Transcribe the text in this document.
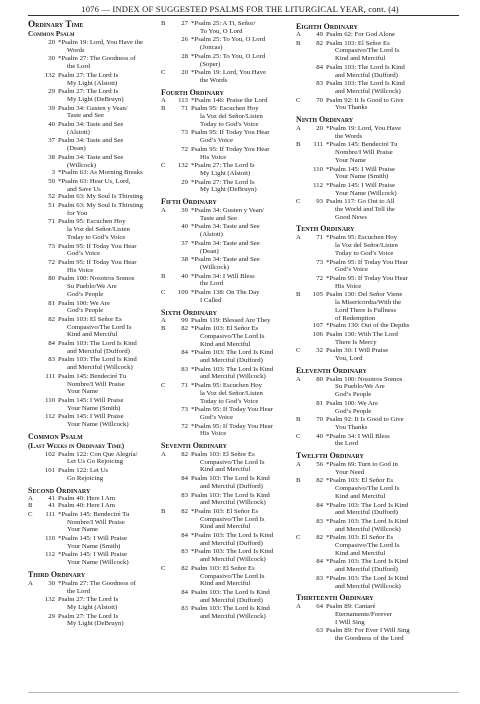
1076 — INDEX OF SUGGESTED PSALMS FOR THE LITURGICAL YEAR, cont. (4)
Ordinary Time
Common Psalm
20 *Psalm 19: Lord, You Have the
Words
30 *Psalm 27: The Goodness of
the Lord
132 Psalm 27: The Lord Is
My Light (Alstott)
29 Psalm 27: The Lord Is
My Light (DeBruyn)
39 Psalm 34: Gusten y Vean/
Taste and See
40 Psalm 34: Taste and See
(Alstott)
37 Psalm 34: Taste and See
(Dean)
38 Psalm 34: Taste and See
(Willcock)
3 *Psalm 63: As Morning Breaks
50 *Psalm 63: Hear Us, Lord,
and Save Us
52 Psalm 63: My Soul Is Thirsting
51 Psalm 63: My Soul Is Thirsting
for You
71 Psalm 95: Escuchen Hoy
la Voz del Señor/Listen
Today to God’s Voice
73 Psalm 95: If Today You Hear
God’s Voice
72 Psalm 95: If Today You Hear
His Voice
80 Psalm 100: Nosotros Somos
Su Pueblo/We Are
God’s People
81 Psalm 100: We Are
God’s People
82 Psalm 103: El Señor Es
Compasivo/The Lord Is
Kind and Merciful
84 Psalm 103: The Lord Is Kind
and Merciful (Dufford)
83 Psalm 103: The Lord Is Kind
and Merciful (Willcock)
111 Psalm 145: Bendeciré Tu
Nombre/I Will Praise
Your Name
110 Psalm 145: I Will Praise
Your Name (Smith)
112 Psalm 145: I Will Praise
Your Name (Willcock)
Common Psalm
(Last Weeks in Ordinary Time)
102 Psalm 122: Con Que Alegría/
Let Us Go Rejoicing
101 Psalm 122: Let Us
Go Rejoicing
Second Ordinary
A	41 Psalm 40: Here I Am
B	41 Psalm 40: Here I Am
C	111 *Psalm 145: Bendeciré Tu
Nombre/I Will Praise
Your Name
110 *Psalm 145: I Will Praise
Your Name (Smith)
112 *Psalm 145: I Will Praise
Your Name (Willcock)
Third Ordinary
A	30 *Psalm 27: The Goodness of
the Lord
132 Psalm 27: The Lord Is
My Light (Alstott)
29 Psalm 27: The Lord Is
My Light (DeBruyn)
B	27 *Psalm 25: A Ti, Señor/
To You, O Lord
26 *Psalm 25: To You, O Lord
(Joncas)
28 *Psalm 25: To You, O Lord
(Soper)
C	20 *Psalm 19: Lord, You Have
the Words
Fourth Ordinary
A	113 *Psalm 146: Praise the Lord
B	71 Psalm 95: Escuchen Hoy
la Voz del Señor/Listen
Today to God’s Voice
73 Psalm 95: If Today You Hear
God’s Voice
72 Psalm 95: If Today You Hear
His Voice
C	132 *Psalm 27: The Lord Is
My Light (Alstott)
29 *Psalm 27: The Lord Is
My Light (DeBruyn)
Fifth Ordinary
A	39 *Psalm 34: Gusten y Vean/
Taste and See
40 *Psalm 34: Taste and See
(Alstott)
37 *Psalm 34: Taste and See
(Dean)
38 *Psalm 34: Taste and See
(Willcock)
B	40 *Psalm 34: I Will Bless
the Lord
C	109 *Psalm 138: On The Day
I Called
Sixth Ordinary
A	99 Psalm 119: Blessed Are They
B	82 *Psalm 103: El Señor Es
Compasivo/The Lord Is
Kind and Merciful
84 *Psalm 103: The Lord Is Kind
and Merciful (Dufford)
83 *Psalm 103: The Lord Is Kind
and Merciful (Willcock)
C	71 *Psalm 95: Escuchen Hoy
la Voz del Señor/Listen
Today to God’s Voice
73 *Psalm 95: If Today You Hear
God’s Voice
72 *Psalm 95: If Today You Hear
His Voice
Seventh Ordinary
A	82 Psalm 103: El Señor Es
Compasivo/The Lord Is
Kind and Merciful
84 Psalm 103: The Lord Is Kind
and Merciful (Dufford)
83 Psalm 103: The Lord Is Kind
and Merciful (Willcock)
B	82 *Psalm 103: El Señor Es
Compasivo/The Lord Is
Kind and Merciful
84 *Psalm 103: The Lord Is Kind
and Merciful (Dufford)
83 *Psalm 103: The Lord Is Kind
and Merciful (Willcock)
C	82 Psalm 103: El Señor Es
Compasivo/The Lord Is
Kind and Merciful
84 Psalm 103: The Lord Is Kind
and Merciful (Dufford)
83 Psalm 103: The Lord Is Kind
and Merciful (Willcock)
Eighth Ordinary
A	49 Psalm 62: For God Alone
B	82 Psalm 103: El Señor Es
Compasivo/The Lord Is
Kind and Merciful
84 Psalm 103: The Lord Is Kind
and Merciful (Dufford)
83 Psalm 103: The Lord Is Kind
and Merciful (Willcock)
C	70 Psalm 92: It Is Good to Give
You Thanks
Ninth Ordinary
A	20 *Psalm 19: Lord, You Have
the Words
B	111 *Psalm 145: Bendeciré Tu
Nombre/I Will Praise
Your Name
110 *Psalm 145: I Will Praise
Your Name (Smith)
112 *Psalm 145: I Will Praise
Your Name (Willcock)
C	93 Psalm 117: Go Out to All
the World and Tell the
Good News
Tenth Ordinary
A	71 *Psalm 95: Escuchen Hoy
la Voz del Señor/Listen
Today to God’s Voice
73 *Psalm 95: If Today You Hear
God’s Voice
72 *Psalm 95: If Today You Hear
His Voice
B	105 Psalm 130: Del Señor Viene
la Misericordia/With the
Lord There Is Fullness
of Redemption
107 *Psalm 130: Out of the Depths
106 Psalm 130: With The Lord
There Is Mercy
C	32 Psalm 30: I Will Praise
You, Lord
Eleventh Ordinary
A	80 Psalm 100: Nosotros Somos
Su Pueblo/We Are
God’s People
81 Psalm 100: We Are
God’s People
B	70 Psalm 92: It Is Good to Give
You Thanks
C	40 *Psalm 34: I Will Bless
the Lord
Twelfth Ordinary
A	56 *Psalm 69: Turn to God in
Your Need
B	82 *Psalm 103: El Señor Es
Compasivo/The Lord Is
Kind and Merciful
84 *Psalm 103: The Lord Is Kind
and Merciful (Dufford)
83 *Psalm 103: The Lord Is Kind
and Merciful (Willcock)
C	82 *Psalm 103: El Señor Es
Compasivo/The Lord Is
Kind and Merciful
84 *Psalm 103: The Lord Is Kind
and Merciful (Dufford)
83 *Psalm 103: The Lord Is Kind
and Merciful (Willcock)
Thirteenth Ordinary
A	64 Psalm 89: Cantaré
Eternamente/Forever
I Will Sing
63 Psalm 89: For Ever I Will Sing
the Goodness of the Lord
